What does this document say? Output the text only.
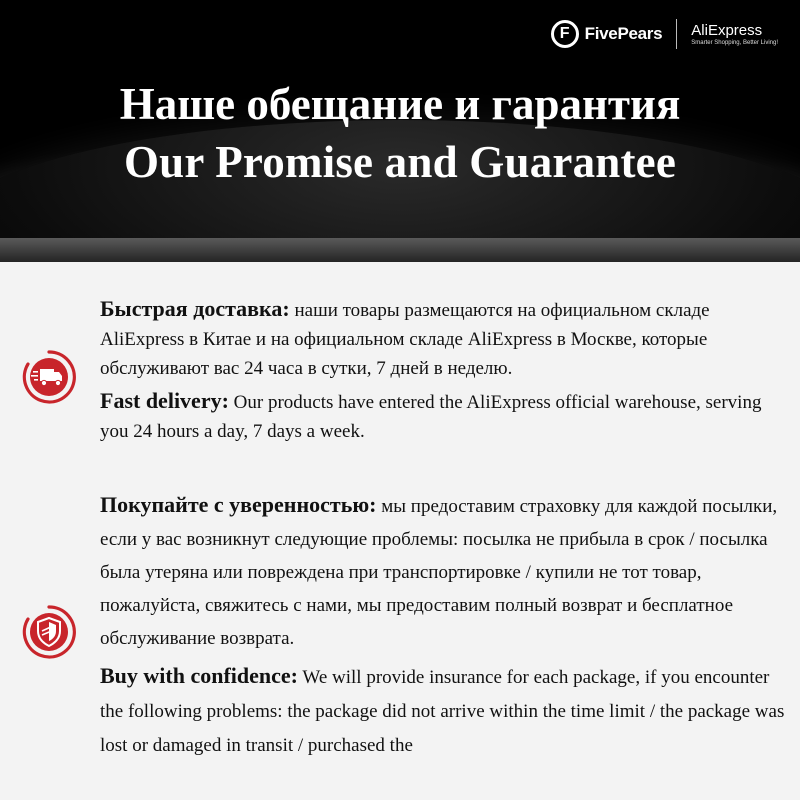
F FivePears AliExpress
Smarter Shopping, Better Living!
Наше обещание и гарантия
Our Promise and Guarantee

Быстрая доставка: наши товары размещаются на официальном складе AliExpress в Китае и на официальном складе AliExpress в Москве, которые обслуживают вас 24 часа в сутки, 7 дней в неделю.

Fast delivery: Our products have entered the AliExpress official warehouse, serving you 24 hours a day, 7 days a week.

Покупайте с уверенностью: мы предоставим страховку для каждой посылки, если у вас возникнут следующие проблемы: посылка не прибыла в срок / посылка была утеряна или повреждена при транспортировке / купили не тот товар, пожалуйста, свяжитесь с нами, мы предоставим полный возврат и бесплатное обслуживание возврата.

Buy with confidence: We will provide insurance for each package, if you encounter the following problems: the package did not arrive within the time limit / the package was lost or damaged in transit / purchased the
